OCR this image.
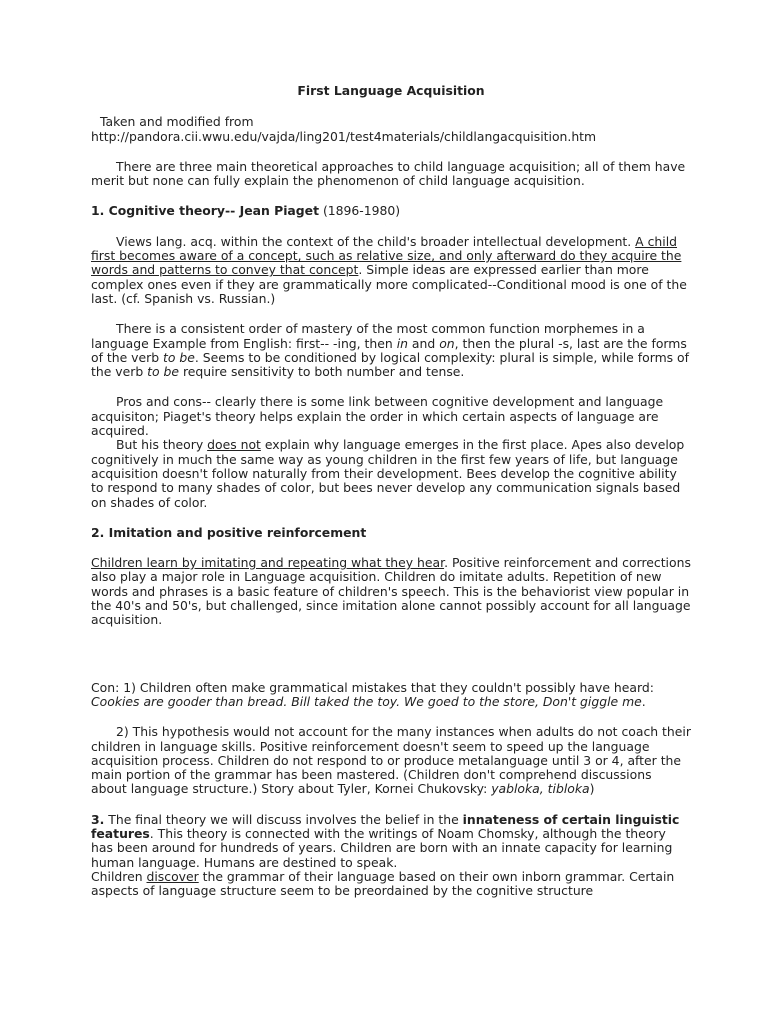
First Language Acquisition

Taken and modified from
http://pandora.cii.wwu.edu/vajda/ling201/test4materials/childlangacquisition.htm

There are three main theoretical approaches to child language acquisition; all of them have merit but none can fully explain the phenomenon of child language acquisition.

1. Cognitive theory-- Jean Piaget (1896-1980)

Views lang. acq. within the context of the child's broader intellectual development. A child first becomes aware of a concept, such as relative size, and only afterward do they acquire the words and patterns to convey that concept. Simple ideas are expressed earlier than more complex ones even if they are grammatically more complicated--Conditional mood is one of the last. (cf. Spanish vs. Russian.)

There is a consistent order of mastery of the most common function morphemes in a language Example from English: first-- -ing, then in and on, then the plural -s, last are the forms of the verb to be. Seems to be conditioned by logical complexity: plural is simple, while forms of the verb to be require sensitivity to both number and tense.

Pros and cons-- clearly there is some link between cognitive development and language acquisiton; Piaget's theory helps explain the order in which certain aspects of language are acquired.

But his theory does not explain why language emerges in the first place. Apes also develop cognitively in much the same way as young children in the first few years of life, but language acquisition doesn't follow naturally from their development. Bees develop the cognitive ability to respond to many shades of color, but bees never develop any communication signals based on shades of color.

2. Imitation and positive reinforcement

Children learn by imitating and repeating what they hear. Positive reinforcement and corrections also play a major role in Language acquisition. Children do imitate adults. Repetition of new words and phrases is a basic feature of children's speech. This is the behaviorist view popular in the 40's and 50's, but challenged, since imitation alone cannot possibly account for all language acquisition.

Con: 1) Children often make grammatical mistakes that they couldn't possibly have heard: Cookies are gooder than bread. Bill taked the toy. We goed to the store, Don't giggle me.

2) This hypothesis would not account for the many instances when adults do not coach their children in language skills. Positive reinforcement doesn't seem to speed up the language acquisition process. Children do not respond to or produce metalanguage until 3 or 4, after the main portion of the grammar has been mastered. (Children don't comprehend discussions about language structure.) Story about Tyler, Kornei Chukovsky: yabloka, tibloka)

3. The final theory we will discuss involves the belief in the innateness of certain linguistic features. This theory is connected with the writings of Noam Chomsky, although the theory has been around for hundreds of years. Children are born with an innate capacity for learning human language. Humans are destined to speak.
Children discover the grammar of their language based on their own inborn grammar. Certain aspects of language structure seem to be preordained by the cognitive structure
